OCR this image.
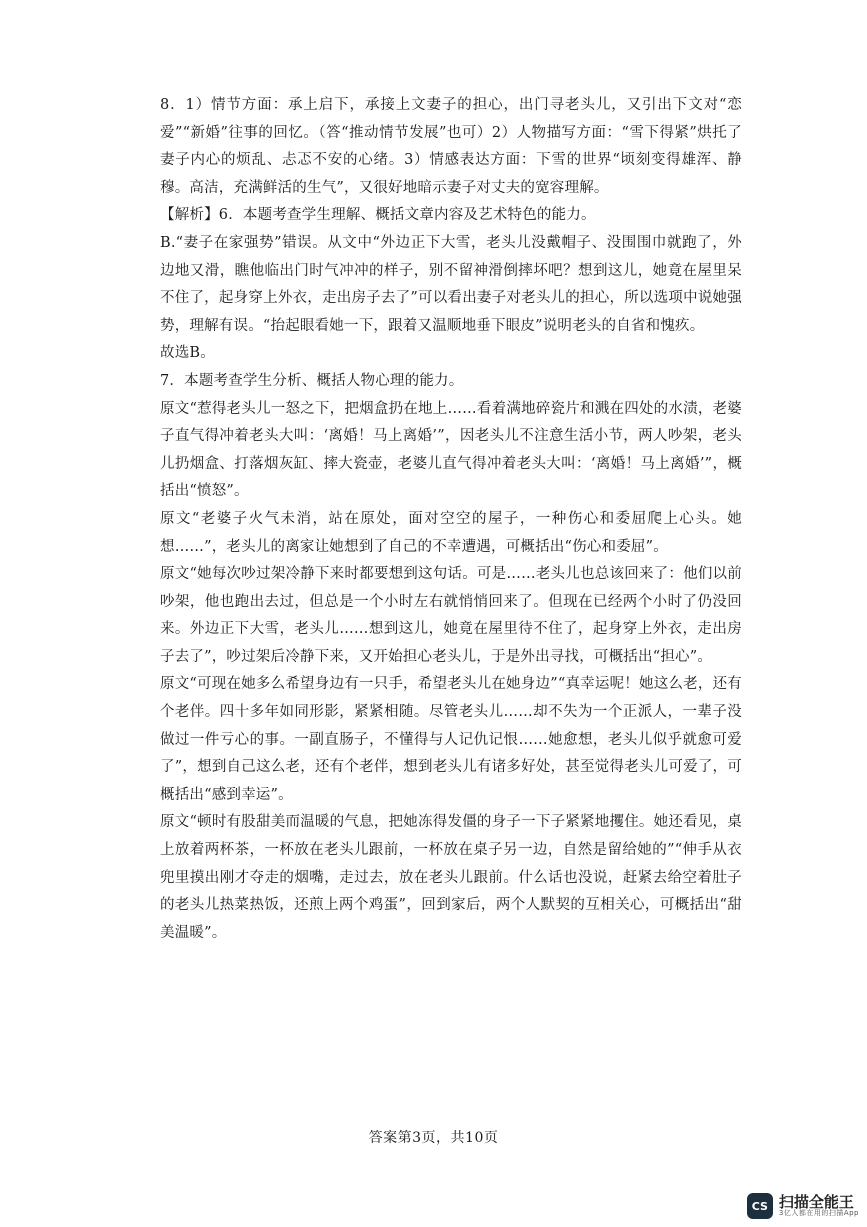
8．1）情节方面：承上启下，承接上文妻子的担心，出门寻老头儿，又引出下文对“恋爱”“新婚”往事的回忆。（答“推动情节发展”也可）2）人物描写方面：“雪下得紧”烘托了妻子内心的烦乱、忐忑不安的心绪。3）情感表达方面：下雪的世界“顷刻变得雄浑、静穆。高洁，充满鲜活的生气”，又很好地暗示妻子对丈夫的宽容理解。

【解析】6．本题考查学生理解、概括文章内容及艺术特色的能力。

B.“妻子在家强势”错误。从文中“外边正下大雪，老头儿没戴帽子、没围围巾就跑了，外边地又滑，瞧他临出门时气冲冲的样子，别不留神滑倒摔坏吧？想到这儿，她竟在屋里呆不住了，起身穿上外衣，走出房子去了”可以看出妻子对老头儿的担心，所以选项中说她强势，理解有误。“抬起眼看她一下，跟着又温顺地垂下眼皮”说明老头的自省和愧疚。

故选B。

7．本题考查学生分析、概括人物心理的能力。

原文“惹得老头儿一怒之下，把烟盒扔在地上……看着满地碎瓷片和溅在四处的水渍，老婆子直气得冲着老头大叫：‘离婚！马上离婚’”，因老头儿不注意生活小节，两人吵架，老头儿扔烟盒、打落烟灰缸、摔大瓷壶，老婆儿直气得冲着老头大叫：‘离婚！马上离婚’”，概括出“愤怒”。

原文“老婆子火气未消，站在原处，面对空空的屋子，一种伤心和委屈爬上心头。她想……”，老头儿的离家让她想到了自己的不幸遭遇，可概括出“伤心和委屈”。

原文“她每次吵过架冷静下来时都要想到这句话。可是……老头儿也总该回来了：他们以前吵架，他也跑出去过，但总是一个小时左右就悄悄回来了。但现在已经两个小时了仍没回来。外边正下大雪，老头儿……想到这儿，她竟在屋里待不住了，起身穿上外衣，走出房子去了”，吵过架后冷静下来，又开始担心老头儿，于是外出寻找，可概括出“担心”。

原文“可现在她多么希望身边有一只手，希望老头儿在她身边”“真幸运呢！她这么老，还有个老伴。四十多年如同形影，紧紧相随。尽管老头儿……却不失为一个正派人，一辈子没做过一件亏心的事。一副直肠子，不懂得与人记仇记恨……她愈想，老头儿似乎就愈可爱了”，想到自己这么老，还有个老伴，想到老头儿有诸多好处，甚至觉得老头儿可爱了，可概括出“感到幸运”。

原文“顿时有股甜美而温暖的气息，把她冻得发僵的身子一下子紧紧地攫住。她还看见，桌上放着两杯茶，一杯放在老头儿跟前，一杯放在桌子另一边，自然是留给她的”“伸手从衣兜里摸出刚才夺走的烟嘴，走过去，放在老头儿跟前。什么话也没说，赶紧去给空着肚子的老头儿热菜热饭，还煎上两个鸡蛋”，回到家后，两个人默契的互相关心，可概括出“甜美温暖”。

答案第3页，共10页
CS 扫描全能王
3亿人都在用的扫描App
